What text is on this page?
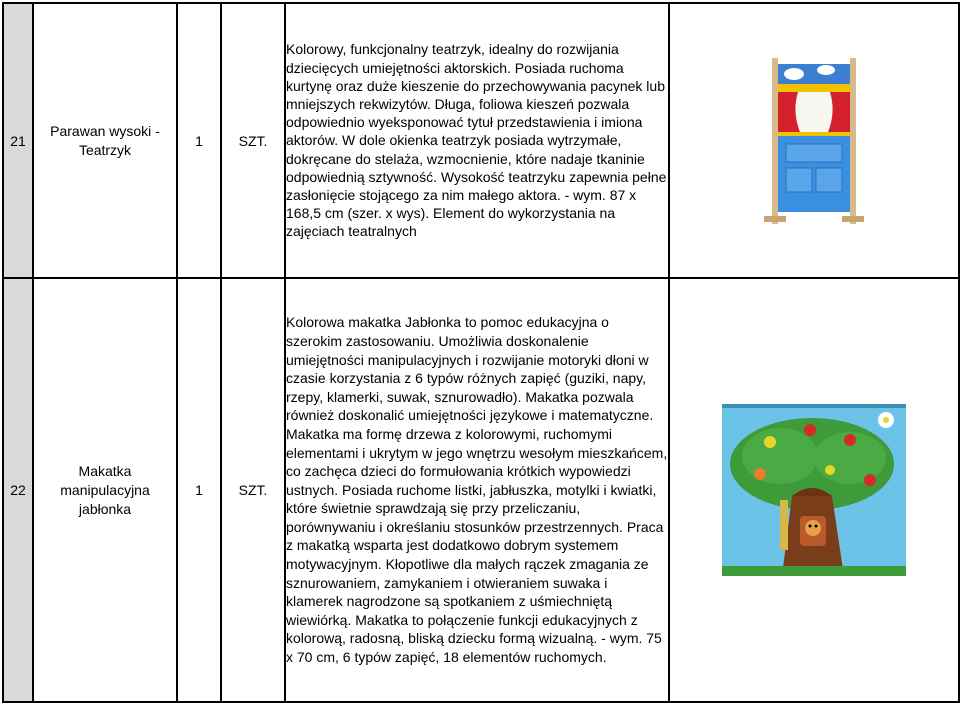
21	Parawan wysoki - Teatrzyk	1	SZT.	Kolorowy, funkcjonalny teatrzyk, idealny do rozwijania dziecięcych umiejętności aktorskich. Posiada ruchoma kurtynę oraz duże kieszenie do przechowywania pacynek lub mniejszych rekwizytów. Długa, foliowa kieszeń pozwala odpowiednio wyeksponować tytuł przedstawienia i imiona aktorów. W dole okienka teatrzyk posiada wytrzymałe, dokręcane do stelaża, wzmocnienie, które nadaje tkaninie odpowiednią sztywność. Wysokość teatrzyku zapewnia pełne zasłonięcie stojącego za nim małego aktora. - wym. 87 x 168,5 cm (szer. x wys). Element do wykorzystania na zajęciach teatralnych

22	Makatka manipulacyjna jabłonka	1	SZT.	Kolorowa makatka Jabłonka to pomoc edukacyjna o szerokim zastosowaniu. Umożliwia doskonalenie umiejętności manipulacyjnych i rozwijanie motoryki dłoni w czasie korzystania z 6 typów różnych zapięć (guziki, napy, rzepy, klamerki, suwak, sznurowadło). Makatka pozwala również doskonalić umiejętności językowe i matematyczne. Makatka ma formę drzewa z kolorowymi, ruchomymi elementami i ukrytym w jego wnętrzu wesołym mieszkańcem, co zachęca dzieci do formułowania krótkich wypowiedzi ustnych. Posiada ruchome listki, jabłuszka, motylki i kwiatki, które świetnie sprawdzają się przy przeliczaniu, porównywaniu i określaniu stosunków przestrzennych. Praca z makatką wsparta jest dodatkowo dobrym systemem motywacyjnym. Kłopotliwe dla małych rączek zmagania ze sznurowaniem, zamykaniem i otwieraniem suwaka i klamerek nagrodzone są spotkaniem z uśmiechniętą wiewiórką. Makatka to połączenie funkcji edukacyjnych z kolorową, radosną, bliską dziecku formą wizualną. - wym. 75 x 70 cm, 6 typów zapięć, 18 elementów ruchomych.
